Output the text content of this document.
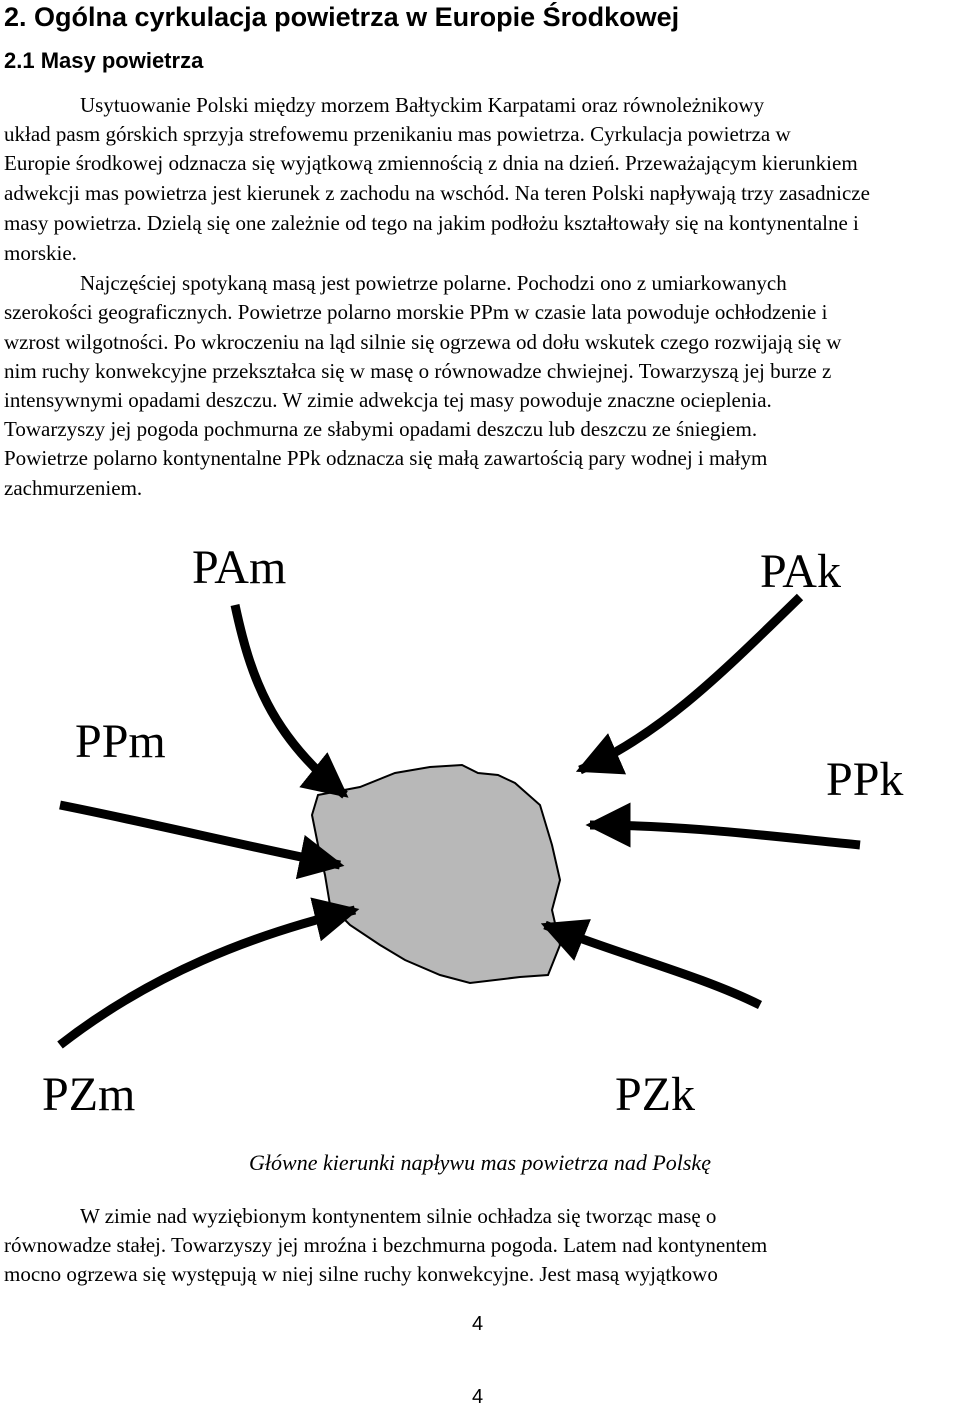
2. Ogólna cyrkulacja powietrza w Europie Środkowej
2.1 Masy powietrza
Usytuowanie Polski między morzem Bałtyckim Karpatami oraz równoleżnikowy
układ pasm górskich sprzyja strefowemu przenikaniu mas powietrza. Cyrkulacja powietrza w
Europie środkowej odznacza się wyjątkową zmiennością z dnia na dzień. Przeważającym kierunkiem
adwekcji mas powietrza jest kierunek z zachodu na wschód. Na teren Polski napływają trzy zasadnicze
masy powietrza. Dzielą się one zależnie od tego na jakim podłożu kształtowały się na kontynentalne i
morskie.
Najczęściej spotykaną masą jest powietrze polarne. Pochodzi ono z umiarkowanych
szerokości geograficznych. Powietrze polarno morskie PPm w czasie lata powoduje ochłodzenie i
wzrost wilgotności. Po wkroczeniu na ląd silnie się ogrzewa od dołu wskutek czego rozwijają się w
nim ruchy konwekcyjne przekształca się w masę o równowadze chwiejnej. Towarzyszą jej burze z
intensywnymi opadami deszczu. W zimie adwekcja tej masy powoduje znaczne ocieplenia.
Towarzyszy jej pogoda pochmurna ze słabymi opadami deszczu lub deszczu ze śniegiem.
Powietrze polarno kontynentalne PPk odznacza się małą zawartością pary wodnej i małym
zachmurzeniem.
PAm	PAk
PPm
PPk
PZm	PZk
Główne kierunki napływu mas powietrza nad Polskę
W zimie nad wyziębionym kontynentem silnie ochładza się tworząc masę o
równowadze stałej. Towarzyszy jej mroźna i bezchmurna pogoda. Latem nad kontynentem
mocno ogrzewa się występują w niej silne ruchy konwekcyjne. Jest masą wyjątkowo
4
4
